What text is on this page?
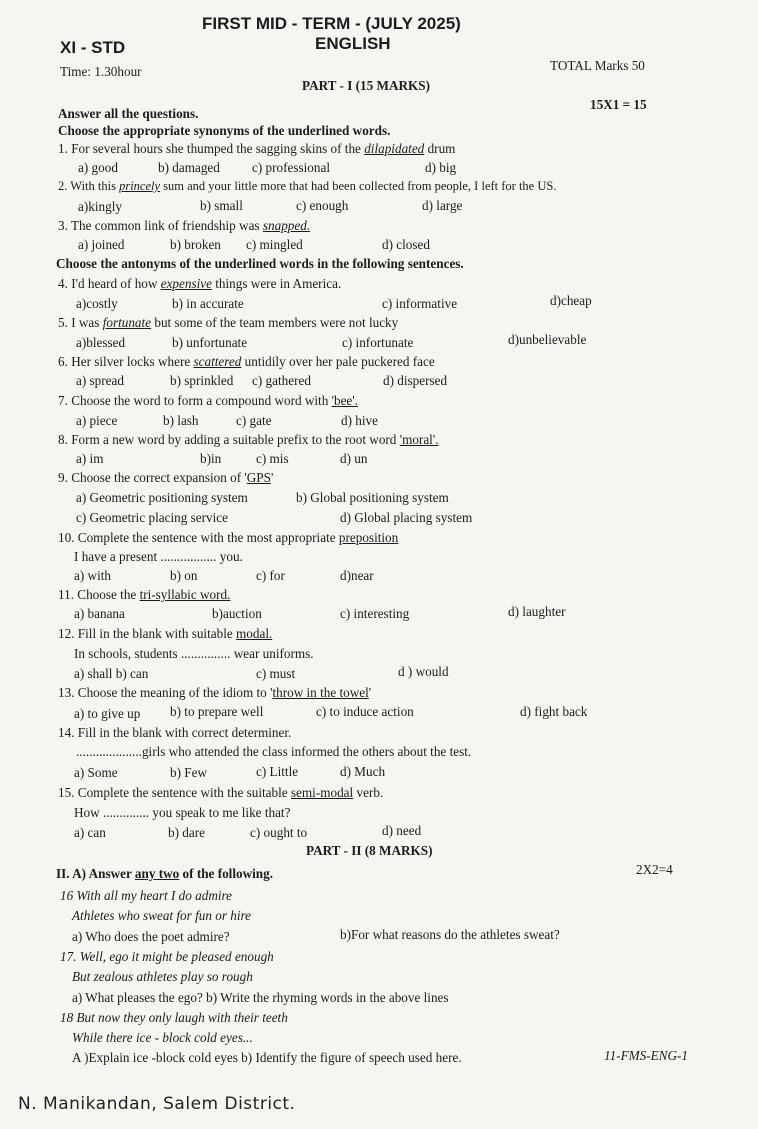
FIRST MID - TERM - (JULY 2025)
XI - STD	ENGLISH
Time: 1.30hour	TOTAL Marks 50
PART - I (15 MARKS)
Answer all the questions.
15X1 = 15
Choose the appropriate synonyms of the underlined words.
1. For several hours she thumped the sagging skins of the dilapidated drum
a) good	b) damaged c) professional	d) big
2. With this princely sum and your little more that had been collected from people, I left for the US.
a)kingly	b) small	c) enough	d) large
3. The common link of friendship was snapped.
a) joined	b) broken c) mingled	d) closed
Choose the antonyms of the underlined words in the following sentences.
4. I'd heard of how expensive things were in America.
a)costly	b) in accurate	c) informative	d)cheap
5. I was fortunate but some of the team members were not lucky
a)blessed	b) unfortunate	c) infortunate	d)unbelievable
6. Her silver locks where scattered untidily over her pale puckered face
a) spread	b) sprinkled c) gathered	d) dispersed
7. Choose the word to form a compound word with 'bee'.
a) piece	b) lash	c) gate	d) hive
8. Form a new word by adding a suitable prefix to the root word 'moral'.
a) im	b)in	c) mis	d) un
9. Choose the correct expansion of 'GPS'
a) Geometric positioning system	b) Global positioning system
c) Geometric placing service	d) Global placing system
10. Complete the sentence with the most appropriate preposition
I have a present ................. you.
a) with	b) on	c) for	d)near
11. Choose the tri-syllabic word.
a) banana	b)auction	c) interesting	d) laughter
12. Fill in the blank with suitable modal.
In schools, students ............... wear uniforms.
a) shall b) can	c) must	d ) would
13. Choose the meaning of the idiom to 'throw in the towel'
a) to give up b) to prepare well	c) to induce action	d) fight back
14. Fill in the blank with correct determiner.
....................girls who attended the class informed the others about the test.
a) Some	b) Few	c) Little	d) Much
15. Complete the sentence with the suitable semi-modal verb.
How .............. you speak to me like that?
a) can	b) dare	c) ought to	d) need
PART - II (8 MARKS)
II. A) Answer any two of the following.	2X2=4
16 With all my heart I do admire
Athletes who sweat for fun or hire
a) Who does the poet admire?	b)For what reasons do the athletes sweat?
17. Well, ego it might be pleased enough
But zealous athletes play so rough
a) What pleases the ego? b) Write the rhyming words in the above lines
18 But now they only laugh with their teeth
While there ice - block cold eyes...
A )Explain ice -block cold eyes b) Identify the figure of speech used here.	11-FMS-ENG-1
N. Manikandan, Salem District.
